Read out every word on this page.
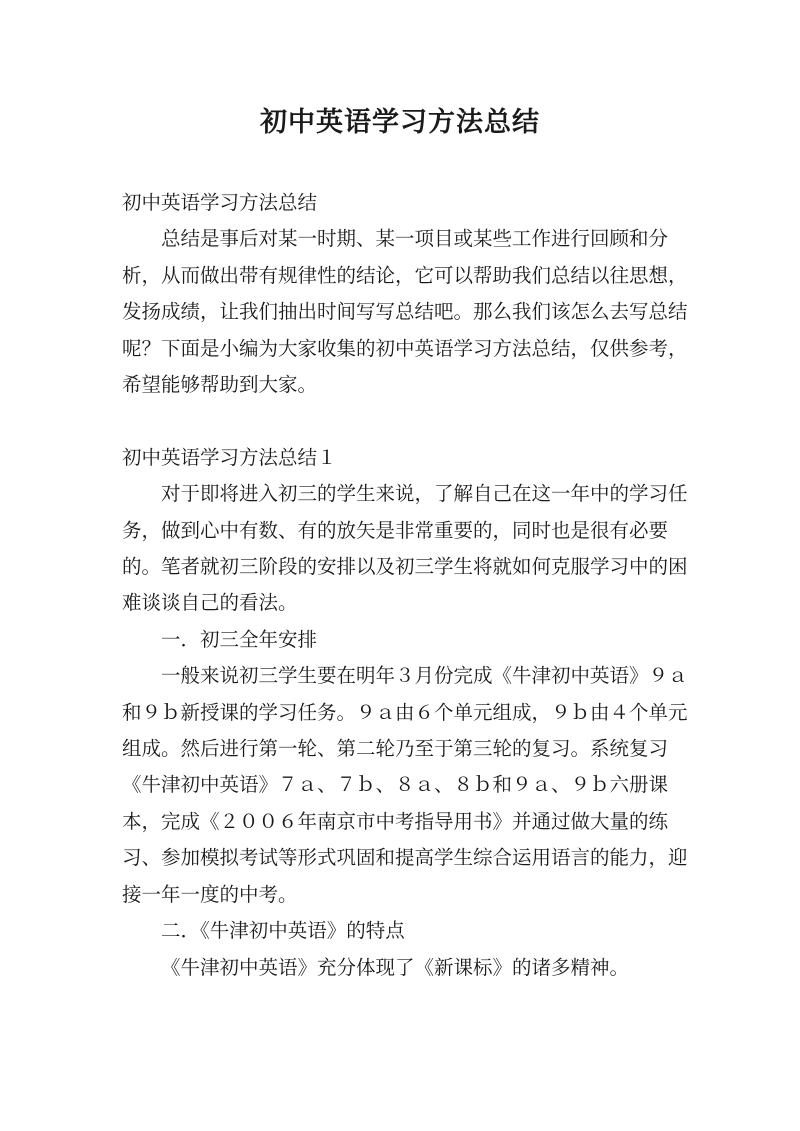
初中英语学习方法总结

初中英语学习方法总结

总结是事后对某一时期、某一项目或某些工作进行回顾和分析，从而做出带有规律性的结论，它可以帮助我们总结以往思想，发扬成绩，让我们抽出时间写写总结吧。那么我们该怎么去写总结呢？下面是小编为大家收集的初中英语学习方法总结，仅供参考，希望能够帮助到大家。

初中英语学习方法总结１

对于即将进入初三的学生来说，了解自己在这一年中的学习任务，做到心中有数、有的放矢是非常重要的，同时也是很有必要的。笔者就初三阶段的安排以及初三学生将就如何克服学习中的困难谈谈自己的看法。

一．初三全年安排

一般来说初三学生要在明年３月份完成《牛津初中英语》９ａ和９ｂ新授课的学习任务。９ａ由６个单元组成，９ｂ由４个单元组成。然后进行第一轮、第二轮乃至于第三轮的复习。系统复习《牛津初中英语》７ａ、７ｂ、８ａ、８ｂ和９ａ、９ｂ六册课本，完成《２００６年南京市中考指导用书》并通过做大量的练习、参加模拟考试等形式巩固和提高学生综合运用语言的能力，迎接一年一度的中考。

二．《牛津初中英语》的特点

《牛津初中英语》充分体现了《新课标》的诸多精神。
